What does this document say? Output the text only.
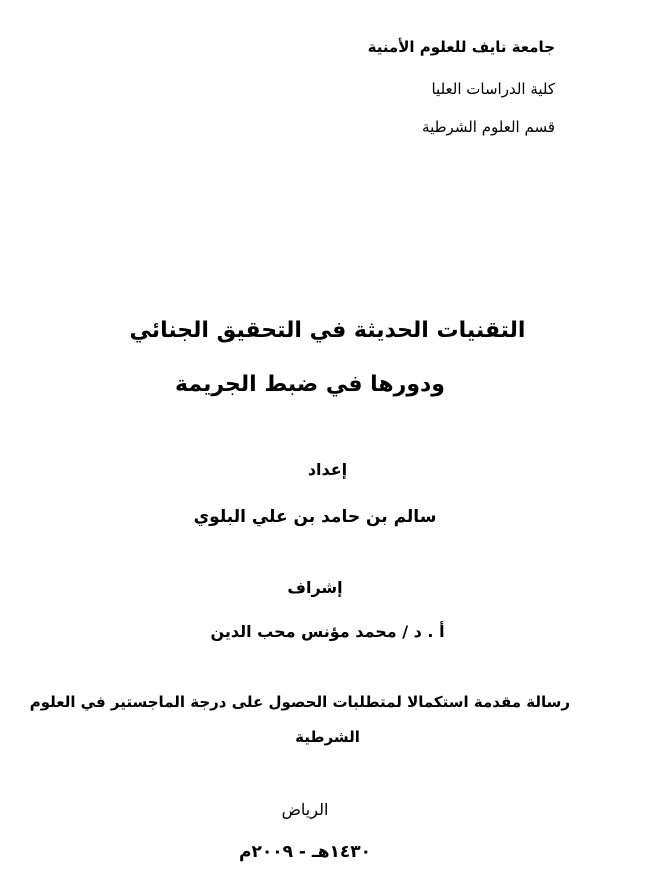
جامعة نايف للعلوم الأمنية

كلية الدراسات العليا

قسم العلوم الشرطية

التقنيات الحديثة في التحقيق الجنائي
ودورها في ضبط الجريمة

إعداد

سالم بن حامد بن علي البلوي

إشراف

أ . د / محمد مؤنس محب الدين

رسالة مقدمة استكمالا لمتطلبات الحصول على درجة الماجستير في العلوم

الشرطية

الرياض

١٤٣٠هـ - ٢٠٠٩م
